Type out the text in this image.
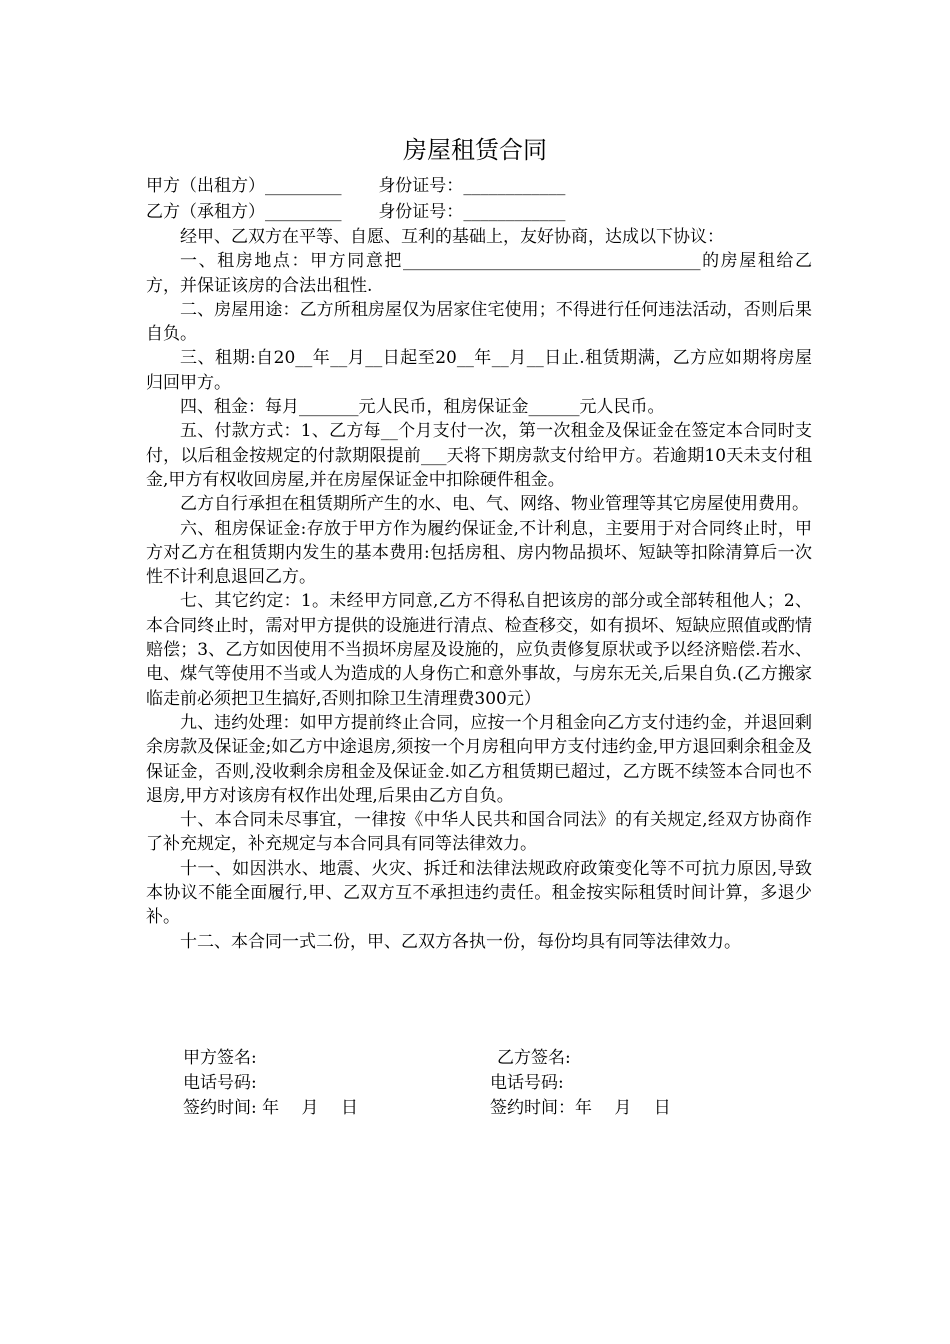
房屋租赁合同
甲方（出租方）_________ 身份证号：____________
乙方（承租方）_________ 身份证号：____________

经甲、乙双方在平等、自愿、互利的基础上，友好协商，达成以下协议：

一、租房地点：甲方同意把___________________________________的房屋租给乙方，并保证该房的合法出租性.

二、房屋用途：乙方所租房屋仅为居家住宅使用；不得进行任何违法活动，否则后果自负。

三、租期:自20__年__月__日起至20__年__月__日止.租赁期满，乙方应如期将房屋归回甲方。

四、租金：每月_______元人民币，租房保证金______元人民币。

五、付款方式：1、乙方每__个月支付一次，第一次租金及保证金在签定本合同时支付，以后租金按规定的付款期限提前___天将下期房款支付给甲方。若逾期10天未支付租金,甲方有权收回房屋,并在房屋保证金中扣除硬件租金。

乙方自行承担在租赁期所产生的水、电、气、网络、物业管理等其它房屋使用费用。

六、租房保证金:存放于甲方作为履约保证金,不计利息，主要用于对合同终止时，甲方对乙方在租赁期内发生的基本费用:包括房租、房内物品损坏、短缺等扣除清算后一次性不计利息退回乙方。

七、其它约定：1。未经甲方同意,乙方不得私自把该房的部分或全部转租他人；2、本合同终止时，需对甲方提供的设施进行清点、检查移交，如有损坏、短缺应照值或酌情赔偿；3、乙方如因使用不当损坏房屋及设施的，应负责修复原状或予以经济赔偿.若水、电、煤气等使用不当或人为造成的人身伤亡和意外事故，与房东无关,后果自负.(乙方搬家临走前必须把卫生搞好,否则扣除卫生清理费300元）

九、违约处理：如甲方提前终止合同，应按一个月租金向乙方支付违约金，并退回剩余房款及保证金;如乙方中途退房,须按一个月房租向甲方支付违约金,甲方退回剩余租金及保证金，否则,没收剩余房租金及保证金.如乙方租赁期已超过，乙方既不续签本合同也不退房,甲方对该房有权作出处理,后果由乙方自负。

十、本合同未尽事宜，一律按《中华人民共和国合同法》的有关规定,经双方协商作了补充规定，补充规定与本合同具有同等法律效力。

十一、如因洪水、地震、火灾、拆迁和法律法规政府政策变化等不可抗力原因,导致本协议不能全面履行,甲、乙双方互不承担违约责任。租金按实际租赁时间计算，多退少补。

十二、本合同一式二份，甲、乙双方各执一份，每份均具有同等法律效力。

甲方签名:	乙方签名:
电话号码:	电话号码:
签约时间: 年　 月　 日	签约时间：年　 月　 日
